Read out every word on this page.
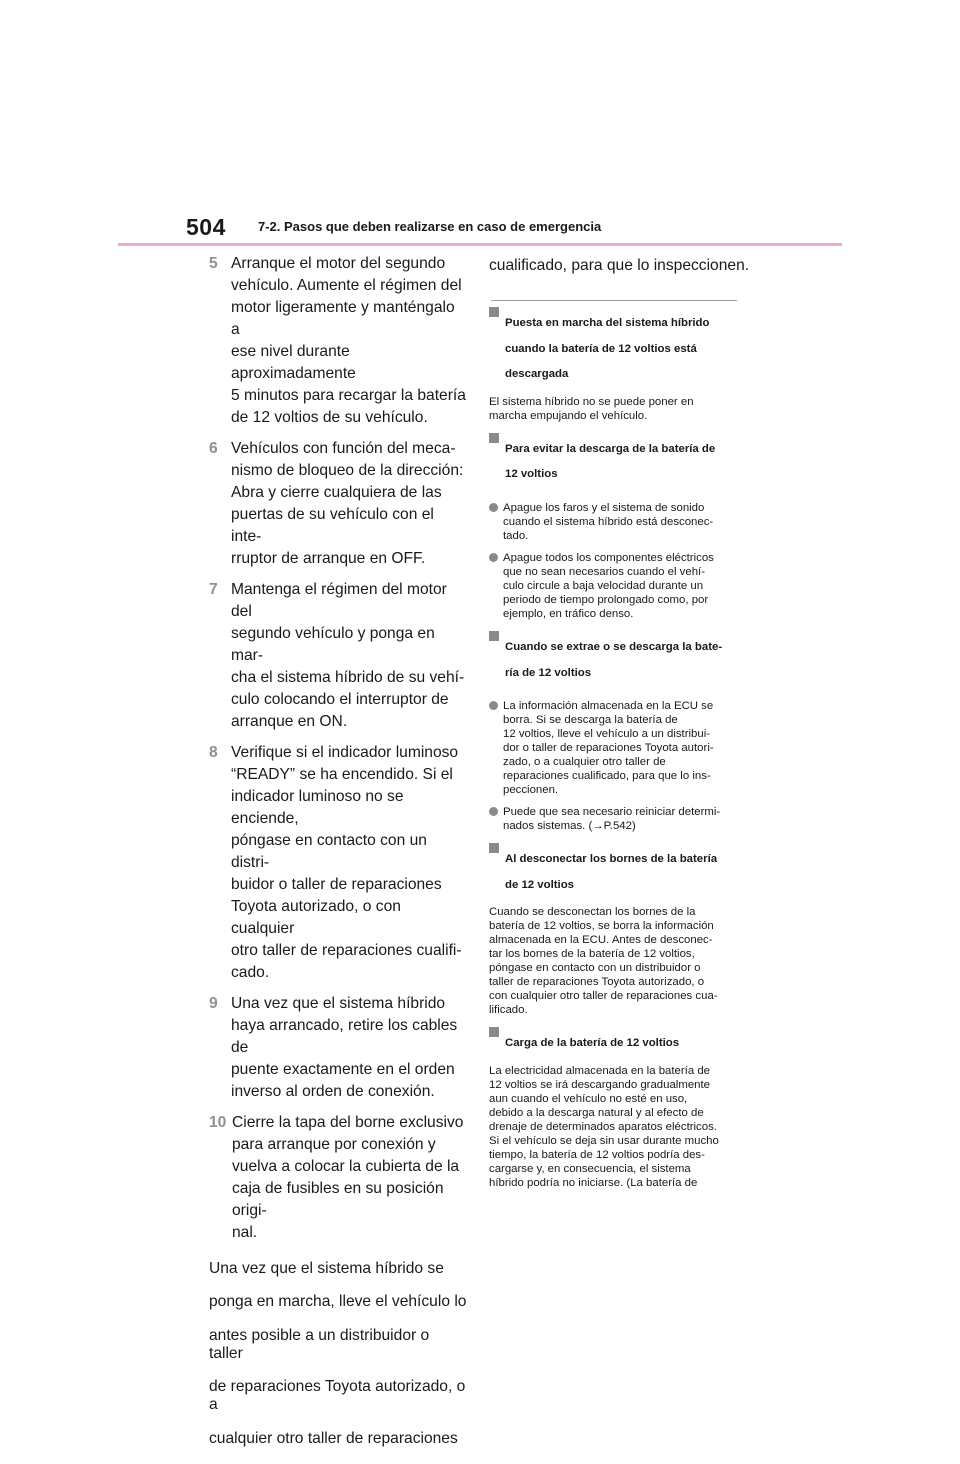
504 7-2. Pasos que deben realizarse en caso de emergencia
5 Arranque el motor del segundo

vehículo. Aumente el régimen del

motor ligeramente y manténgalo a

ese nivel durante aproximadamente

5 minutos para recargar la batería

de 12 voltios de su vehículo.

6 Vehículos con función del meca-

nismo de bloqueo de la dirección:

Abra y cierre cualquiera de las

puertas de su vehículo con el inte-

rruptor de arranque en OFF.

7 Mantenga el régimen del motor del

segundo vehículo y ponga en mar-

cha el sistema híbrido de su vehí-

culo colocando el interruptor de

arranque en ON.

8 Verifique si el indicador luminoso

“READY” se ha encendido. Si el

indicador luminoso no se enciende,

póngase en contacto con un distri-

buidor o taller de reparaciones

Toyota autorizado, o con cualquier

otro taller de reparaciones cualifi-

cado.

9 Una vez que el sistema híbrido

haya arrancado, retire los cables de

puente exactamente en el orden

inverso al orden de conexión.

10 Cierre la tapa del borne exclusivo

para arranque por conexión y

vuelva a colocar la cubierta de la

caja de fusibles en su posición origi-

nal.

Una vez que el sistema híbrido se

ponga en marcha, lleve el vehículo lo

antes posible a un distribuidor o taller

de reparaciones Toyota autorizado, o a

cualquier otro taller de reparaciones

cualificado, para que lo inspeccionen.

Puesta en marcha del sistema híbrido

cuando la batería de 12 voltios está

descargada

El sistema híbrido no se puede poner en

marcha empujando el vehículo.

Para evitar la descarga de la batería de

12 voltios

Apague los faros y el sistema de sonido

cuando el sistema híbrido está desconec-

tado.

Apague todos los componentes eléctricos

que no sean necesarios cuando el vehí-

culo circule a baja velocidad durante un

periodo de tiempo prolongado como, por

ejemplo, en tráfico denso.

Cuando se extrae o se descarga la bate-

ría de 12 voltios

La información almacenada en la ECU se

borra. Si se descarga la batería de

12 voltios, lleve el vehículo a un distribui-

dor o taller de reparaciones Toyota autori-

zado, o a cualquier otro taller de

reparaciones cualificado, para que lo ins-

peccionen.

Puede que sea necesario reiniciar determi-

nados sistemas. (→P.542)

Al desconectar los bornes de la batería

de 12 voltios

Cuando se desconectan los bornes de la

batería de 12 voltios, se borra la información

almacenada en la ECU. Antes de desconec-

tar los bornes de la batería de 12 voltios,

póngase en contacto con un distribuidor o

taller de reparaciones Toyota autorizado, o

con cualquier otro taller de reparaciones cua-

lificado.

Carga de la batería de 12 voltios

La electricidad almacenada en la batería de

12 voltios se irá descargando gradualmente

aun cuando el vehículo no esté en uso,

debido a la descarga natural y al efecto de

drenaje de determinados aparatos eléctricos.

Si el vehículo se deja sin usar durante mucho

tiempo, la batería de 12 voltios podría des-

cargarse y, en consecuencia, el sistema

híbrido podría no iniciarse. (La batería de
